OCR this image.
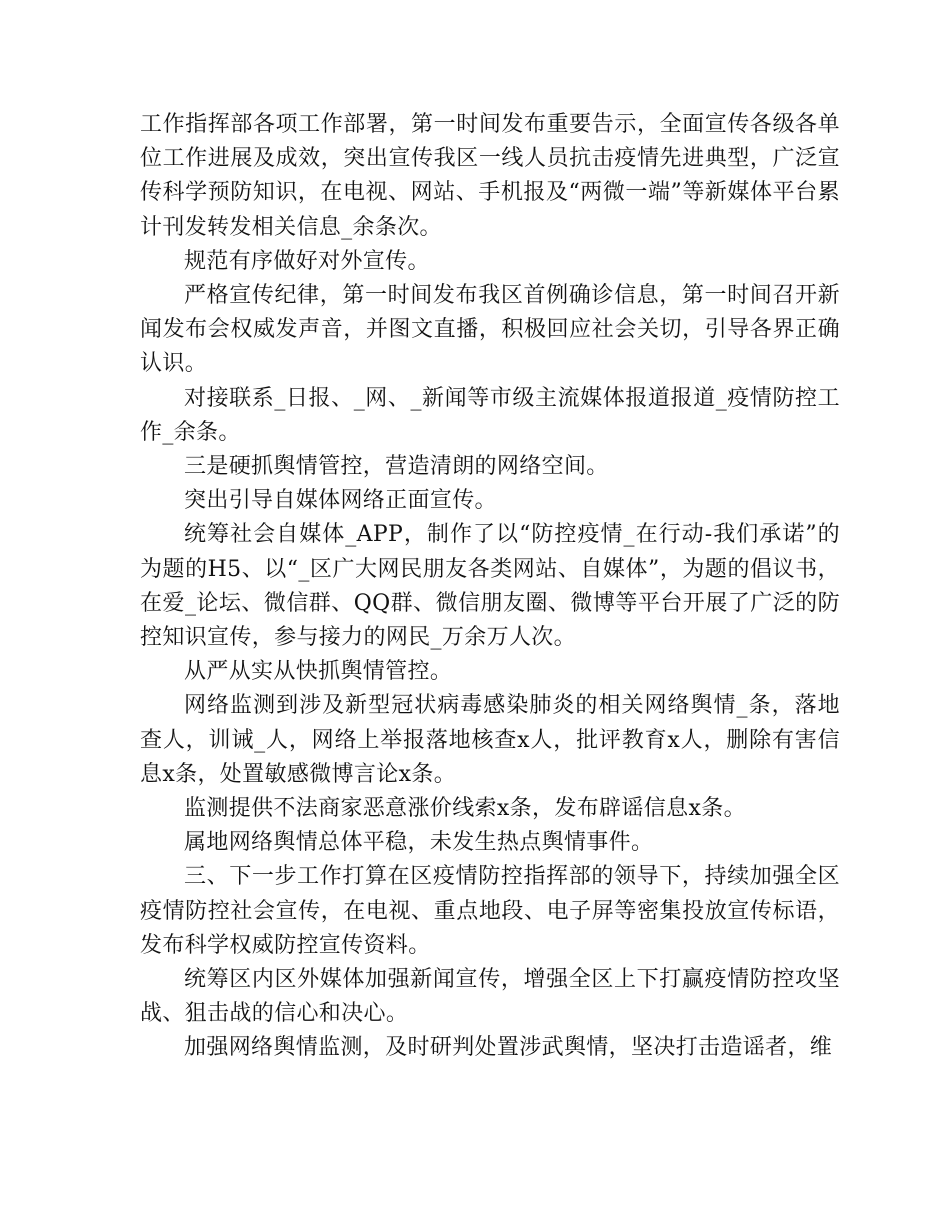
工作指挥部各项工作部署，第一时间发布重要告示，全面宣传各级各单位工作进展及成效，突出宣传我区一线人员抗击疫情先进典型，广泛宣传科学预防知识，在电视、网站、手机报及“两微一端”等新媒体平台累计刊发转发相关信息_余条次。

规范有序做好对外宣传。

严格宣传纪律，第一时间发布我区首例确诊信息，第一时间召开新闻发布会权威发声音，并图文直播，积极回应社会关切，引导各界正确认识。

对接联系_日报、_网、_新闻等市级主流媒体报道报道_疫情防控工作_余条。

三是硬抓舆情管控，营造清朗的网络空间。

突出引导自媒体网络正面宣传。

统筹社会自媒体_APP，制作了以“防控疫情_在行动-我们承诺”的为题的H5、以“_区广大网民朋友各类网站、自媒体”，为题的倡议书，在爱_论坛、微信群、QQ群、微信朋友圈、微博等平台开展了广泛的防控知识宣传，参与接力的网民_万余万人次。

从严从实从快抓舆情管控。

网络监测到涉及新型冠状病毒感染肺炎的相关网络舆情_条，落地查人，训诫_人，网络上举报落地核查x人，批评教育x人，删除有害信息x条，处置敏感微博言论x条。

监测提供不法商家恶意涨价线索x条，发布辟谣信息x条。

属地网络舆情总体平稳，未发生热点舆情事件。

三、下一步工作打算在区疫情防控指挥部的领导下，持续加强全区疫情防控社会宣传，在电视、重点地段、电子屏等密集投放宣传标语，发布科学权威防控宣传资料。

统筹区内区外媒体加强新闻宣传，增强全区上下打赢疫情防控攻坚战、狙击战的信心和决心。

加强网络舆情监测，及时研判处置涉武舆情，坚决打击造谣者，维
